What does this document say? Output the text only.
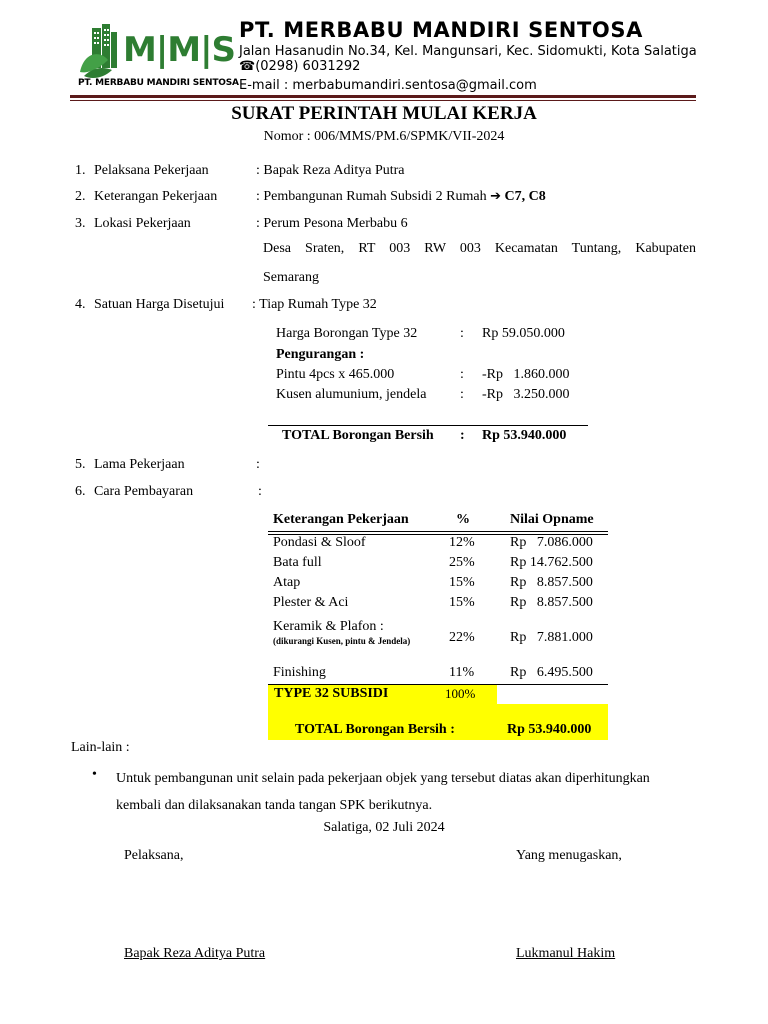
M|M|S
PT. MERBABU MANDIRI SENTOSA
PT. MERBABU MANDIRI SENTOSA
Jalan Hasanudin No.34, Kel. Mangunsari, Kec. Sidomukti, Kota Salatiga
☎(0298) 6031292
E-mail : merbabumandiri.sentosa@gmail.com
SURAT PERINTAH MULAI KERJA
Nomor : 006/MMS/PM.6/SPMK/VII-2024
1. Pelaksana Pekerjaan	: Bapak Reza Aditya Putra
2. Keterangan Pekerjaan	: Pembangunan Rumah Subsidi 2 Rumah ➔ C7, C8
3. Lokasi Pekerjaan	: Perum Pesona Merbabu 6
Desa Sraten, RT 003 RW 003 Kecamatan Tuntang, Kabupaten
Semarang
4. Satuan Harga Disetujui : Tiap Rumah Type 32
Harga Borongan Type 32	: Rp 59.050.000
Pengurangan :
Pintu 4pcs x 465.000	: -Rp   1.860.000
Kusen alumunium, jendela : -Rp   3.250.000
TOTAL Borongan Bersih : Rp 53.940.000
5. Lama Pekerjaan	:
6. Cara Pembayaran	:
Keterangan Pekerjaan	%	Nilai Opname
Pondasi & Sloof	12%	Rp   7.086.000
Bata full	25%	Rp 14.762.500
Atap	15%	Rp   8.857.500
Plester & Aci	15%	Rp   8.857.500
Keramik & Plafon :
(dikurangi Kusen, pintu & Jendela)	22%	Rp   7.881.000
Finishing	11%	Rp   6.495.500
TYPE 32 SUBSIDI	100%
TOTAL Borongan Bersih :	Rp 53.940.000
Lain-lain :
• Untuk pembangunan unit selain pada pekerjaan objek yang tersebut diatas akan diperhitungkan kembali dan dilaksanakan tanda tangan SPK berikutnya.
Salatiga, 02 Juli 2024
Pelaksana,	Yang menugaskan,
Bapak Reza Aditya Putra	Lukmanul Hakim
